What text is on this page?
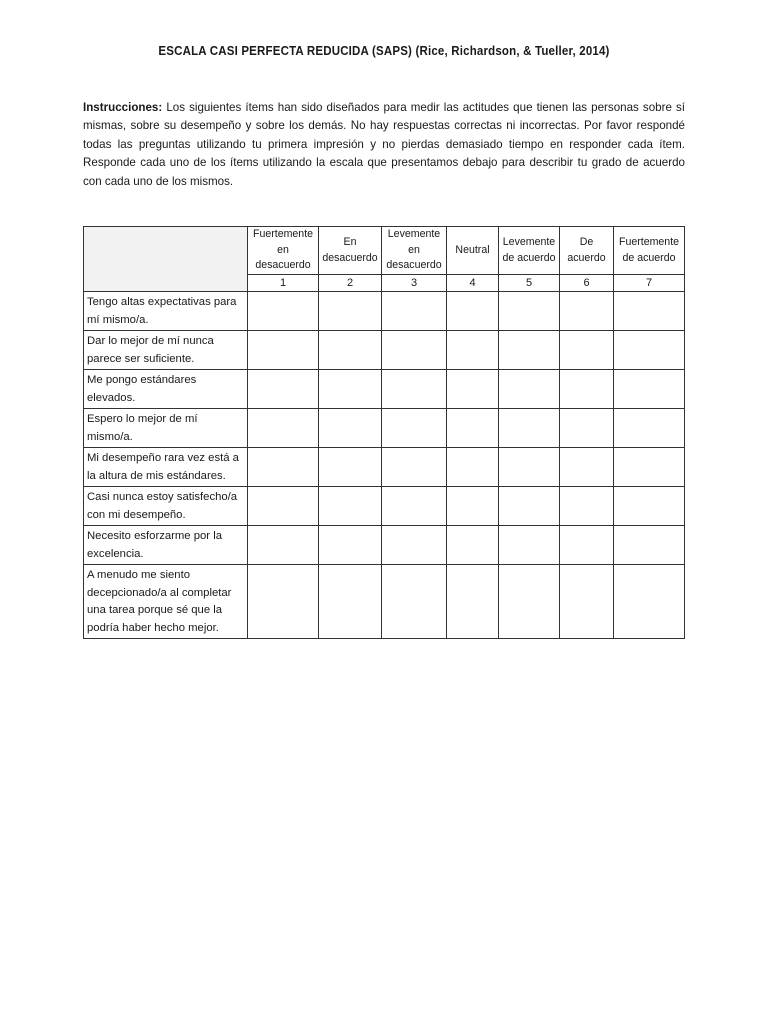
ESCALA CASI PERFECTA REDUCIDA (SAPS) (Rice, Richardson, & Tueller, 2014)
Instrucciones: Los siguientes ítems han sido diseñados para medir las actitudes que tienen las personas sobre sí mismas, sobre su desempeño y sobre los demás. No hay respuestas correctas ni incorrectas. Por favor respondé todas las preguntas utilizando tu primera impresión y no pierdas demasiado tiempo en responder cada ítem. Responde cada uno de los ítems utilizando la escala que presentamos debajo para describir tu grado de acuerdo con cada uno de los mismos.
	Fuertemente en desacuerdo	En desacuerdo	Levemente en desacuerdo	Neutral	Levemente de acuerdo	De acuerdo	Fuertemente de acuerdo
	1	2	3	4	5	6	7
Tengo altas expectativas para mí mismo/a.							
Dar lo mejor de mí nunca parece ser suficiente.							
Me pongo estándares elevados.							
Espero lo mejor de mí mismo/a.							
Mi desempeño rara vez está a la altura de mis estándares.							
Casi nunca estoy satisfecho/a con mi desempeño.							
Necesito esforzarme por la excelencia.							
A menudo me siento decepcionado/a al completar una tarea porque sé que la podría haber hecho mejor.							
